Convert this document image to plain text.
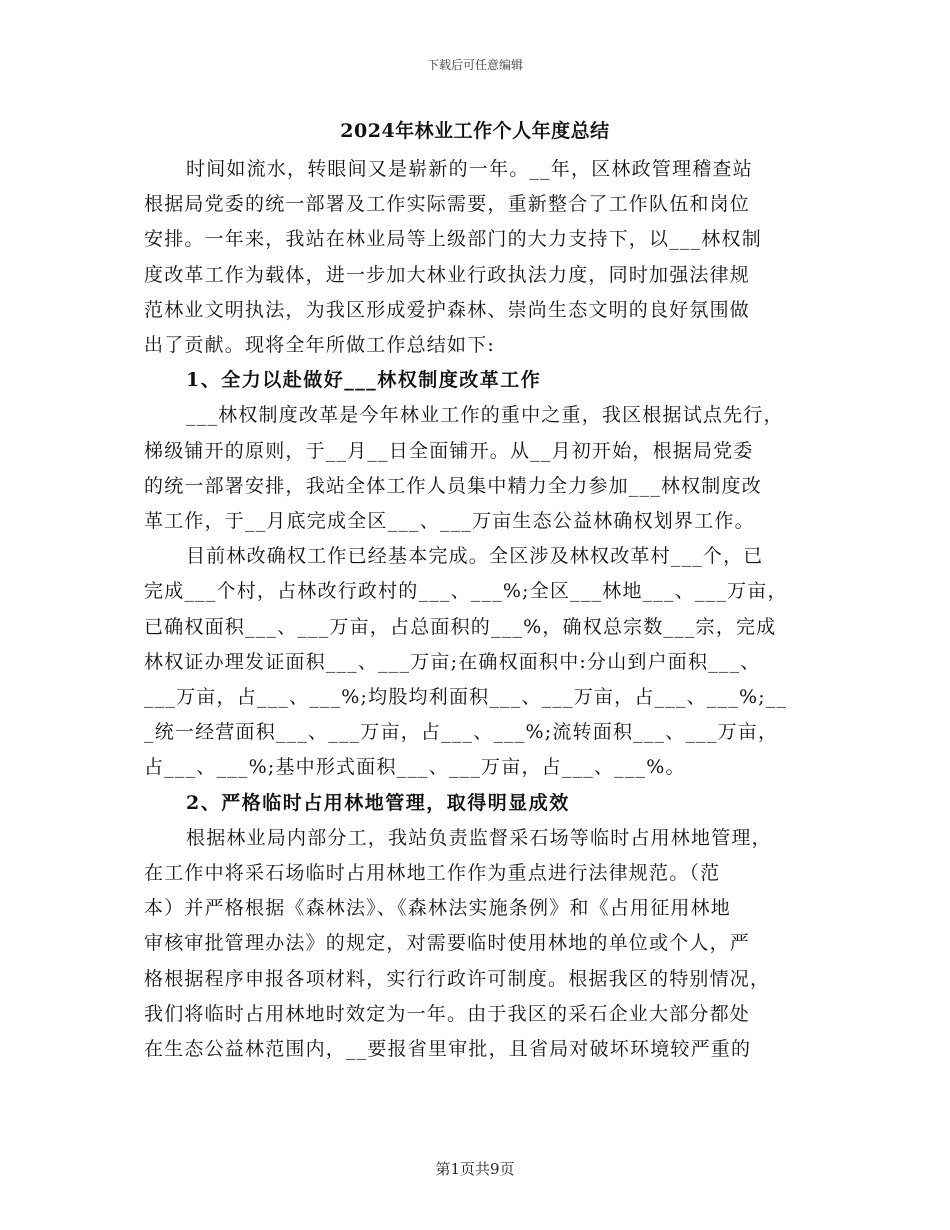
下载后可任意编辑
2024年林业工作个人年度总结
时间如流水，转眼间又是崭新的一年。__年，区林政管理稽查站
根据局党委的统一部署及工作实际需要，重新整合了工作队伍和岗位
安排。一年来，我站在林业局等上级部门的大力支持下，以___林权制
度改革工作为载体，进一步加大林业行政执法力度，同时加强法律规
范林业文明执法，为我区形成爱护森林、崇尚生态文明的良好氛围做
出了贡献。现将全年所做工作总结如下:
1、全力以赴做好___林权制度改革工作
___林权制度改革是今年林业工作的重中之重，我区根据试点先行，
梯级铺开的原则，于__月__日全面铺开。从__月初开始，根据局党委
的统一部署安排，我站全体工作人员集中精力全力参加___林权制度改
革工作，于__月底完成全区___、___万亩生态公益林确权划界工作。
目前林改确权工作已经基本完成。全区涉及林权改革村___个，已
完成___个村，占林改行政村的___、___%;全区___林地___、___万亩，
已确权面积___、___万亩，占总面积的___%，确权总宗数___宗，完成
林权证办理发证面积___、___万亩;在确权面积中:分山到户面积___、
___万亩，占___、___%;均股均利面积___、___万亩，占___、___%;__
_统一经营面积___、___万亩，占___、___%;流转面积___、___万亩，
占___、___%;基中形式面积___、___万亩，占___、___%。
2、严格临时占用林地管理，取得明显成效
根据林业局内部分工，我站负责监督采石场等临时占用林地管理，
在工作中将采石场临时占用林地工作作为重点进行法律规范。（范
本）并严格根据《森林法》、《森林法实施条例》和《占用征用林地
审核审批管理办法》的规定，对需要临时使用林地的单位或个人，严
格根据程序申报各项材料，实行行政许可制度。根据我区的特别情况，
我们将临时占用林地时效定为一年。由于我区的采石企业大部分都处
在生态公益林范围内，__要报省里审批，且省局对破坏环境较严重的
第1页共9页
